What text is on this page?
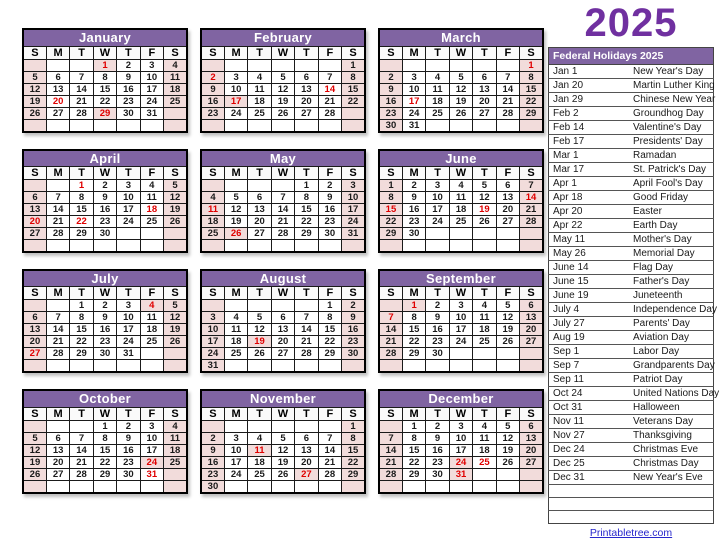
January						
S	M	T	W	T	F	S
			1	2	3	4
5	6	7	8	9	10	11
12	13	14	15	16	17	18
19	20	21	22	23	24	25
26	27	28	29	30	31	

February						
S	M	T	W	T	F	S
						1
2	3	4	5	6	7	8
9	10	11	12	13	14	15
16	17	18	19	20	21	22
23	24	25	26	27	28	

March						
S	M	T	W	T	F	S
						1
2	3	4	5	6	7	8
9	10	11	12	13	14	15
16	17	18	19	20	21	22
23	24	25	26	27	28	29
30	31					
April						
S	M	T	W	T	F	S
		1	2	3	4	5
6	7	8	9	10	11	12
13	14	15	16	17	18	19
20	21	22	23	24	25	26
27	28	29	30			

May						
S	M	T	W	T	F	S
				1	2	3
4	5	6	7	8	9	10
11	12	13	14	15	16	17
18	19	20	21	22	23	24
25	26	27	28	29	30	31

June						
S	M	T	W	T	F	S
1	2	3	4	5	6	7
8	9	10	11	12	13	14
15	16	17	18	19	20	21
22	23	24	25	26	27	28
29	30					

July						
S	M	T	W	T	F	S
		1	2	3	4	5
6	7	8	9	10	11	12
13	14	15	16	17	18	19
20	21	22	23	24	25	26
27	28	29	30	31		

August						
S	M	T	W	T	F	S
					1	2
3	4	5	6	7	8	9
10	11	12	13	14	15	16
17	18	19	20	21	22	23
24	25	26	27	28	29	30
31						
September						
S	M	T	W	T	F	S
	1	2	3	4	5	6
7	8	9	10	11	12	13
14	15	16	17	18	19	20
21	22	23	24	25	26	27
28	29	30				

October						
S	M	T	W	T	F	S
			1	2	3	4
5	6	7	8	9	10	11
12	13	14	15	16	17	18
19	20	21	22	23	24	25
26	27	28	29	30	31	

November						
S	M	T	W	T	F	S
						1
2	3	4	5	6	7	8
9	10	11	12	13	14	15
16	17	18	19	20	21	22
23	24	25	26	27	28	29
30						
December						
S	M	T	W	T	F	S
	1	2	3	4	5	6
7	8	9	10	11	12	13
14	15	16	17	18	19	20
21	22	23	24	25	26	27
28	29	30	31			

2025
Federal Holidays 2025	
Jan 1	New Year's Day
Jan 20	Martin Luther King
Jan 29	Chinese New Year
Feb 2	Groundhog Day
Feb 14	Valentine's Day
Feb 17	Presidents' Day
Mar 1	Ramadan
Mar 17	St. Patrick's Day
Apr 1	April Fool's Day
Apr 18	Good Friday
Apr 20	Easter
Apr 22	Earth Day
May 11	Mother's Day
May 26	Memorial Day
June 14	Flag Day
June 15	Father's Day
June 19	Juneteenth
July 4	Independence Day
July 27	Parents' Day
Aug 19	Aviation Day
Sep 1	Labor Day
Sep 7	Grandparents Day
Sep 11	Patriot Day
Oct 24	United Nations Day
Oct 31	Halloween
Nov 11	Veterans Day
Nov 27	Thanksgiving
Dec 24	Christmas Eve
Dec 25	Christmas Day
Dec 31	New Year's Eve

Printabletree.com
